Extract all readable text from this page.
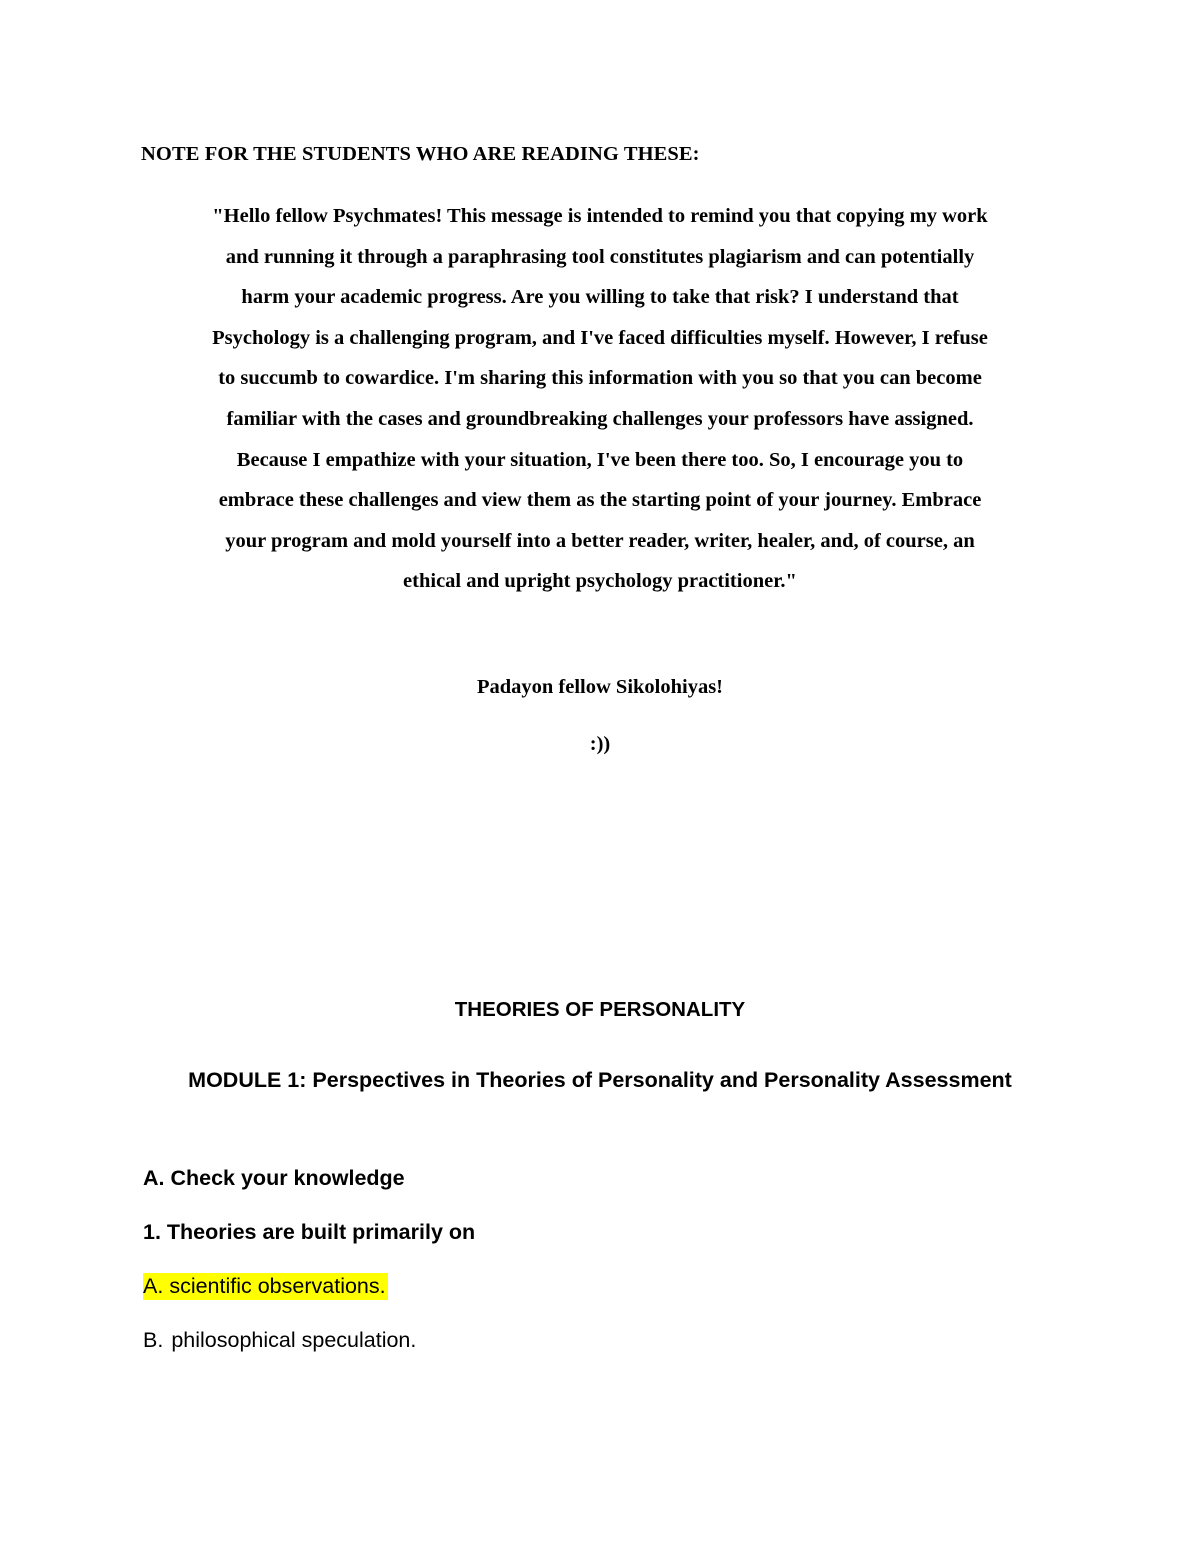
NOTE FOR THE STUDENTS WHO ARE READING THESE:
"Hello fellow Psychmates! This message is intended to remind you that copying my work
and running it through a paraphrasing tool constitutes plagiarism and can potentially
harm your academic progress. Are you willing to take that risk? I understand that
Psychology is a challenging program, and I've faced difficulties myself. However, I refuse
to succumb to cowardice. I'm sharing this information with you so that you can become
familiar with the cases and groundbreaking challenges your professors have assigned.
Because I empathize with your situation, I've been there too. So, I encourage you to
embrace these challenges and view them as the starting point of your journey. Embrace
your program and mold yourself into a better reader, writer, healer, and, of course, an
ethical and upright psychology practitioner."
Padayon fellow Sikolohiyas!
:))
THEORIES OF PERSONALITY
MODULE 1: Perspectives in Theories of Personality and Personality Assessment
A. Check your knowledge
1. Theories are built primarily on
A. scientific observations.
B. philosophical speculation.
